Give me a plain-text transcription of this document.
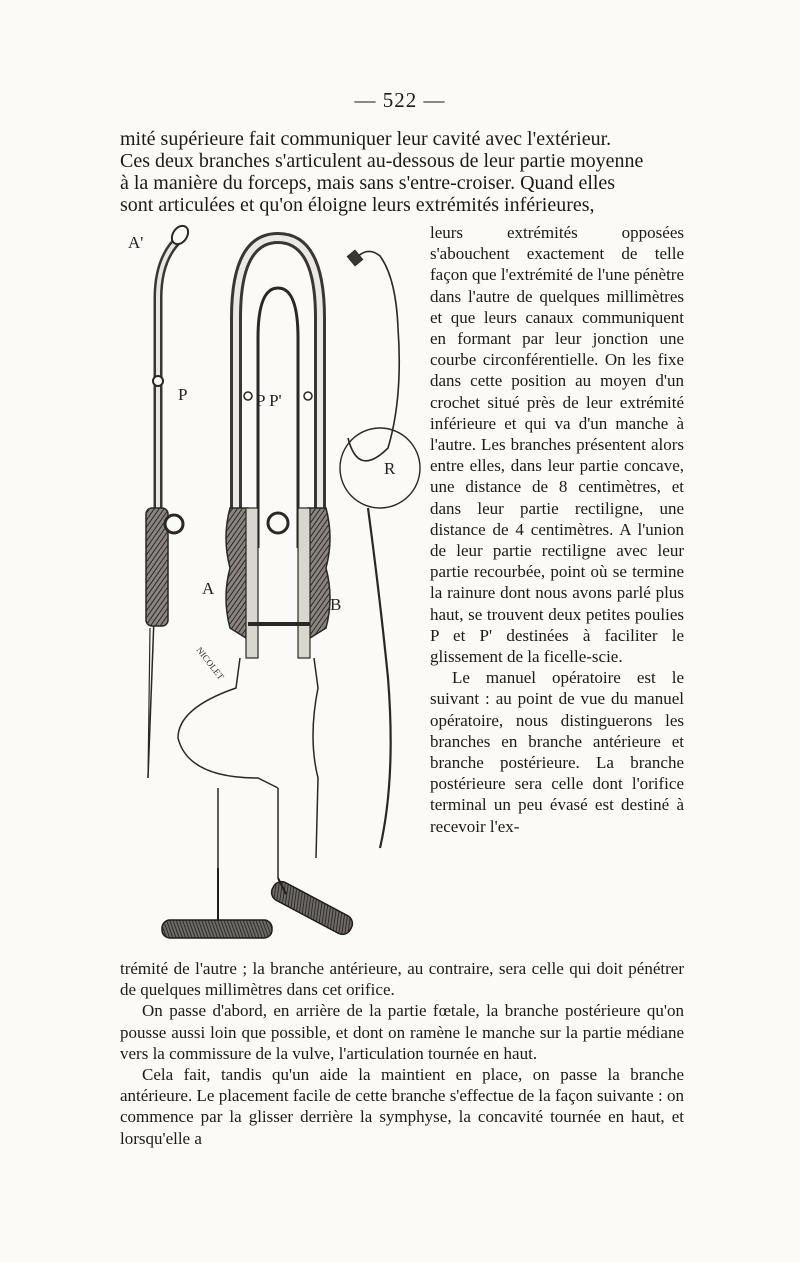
— 522 —
mité supérieure fait communiquer leur cavité avec l'extérieur.
Ces deux branches s'articulent au-dessous de leur partie moyenne
à la manière du forceps, mais sans s'entre-croiser. Quand elles
sont articulées et qu'on éloigne leurs extrémités inférieures,
A'
P	P P'
R
A
B
NICOLET

leurs extrémités opposées s'abouchent exactement de telle façon que l'extrémité de l'une pénètre dans l'autre de quelques millimètres et que leurs canaux communiquent en formant par leur jonction une courbe circonférentielle. On les fixe dans cette position au moyen d'un crochet situé près de leur extrémité inférieure et qui va d'un manche à l'autre. Les branches présentent alors entre elles, dans leur partie concave, une distance de 8 centimètres, et dans leur partie rectiligne, une distance de 4 centimètres. A l'union de leur partie rectiligne avec leur partie recourbée, point où se termine la rainure dont nous avons parlé plus haut, se trouvent deux petites poulies P et P' destinées à faciliter le glissement de la ficelle-scie.

Le manuel opératoire est le suivant : au point de vue du manuel opératoire, nous distinguerons les branches en branche antérieure et branche postérieure. La branche postérieure sera celle dont l'orifice terminal un peu évasé est destiné à recevoir l'ex-

trémité de l'autre ; la branche antérieure, au contraire, sera celle qui doit pénétrer de quelques millimètres dans cet orifice.

On passe d'abord, en arrière de la partie fœtale, la branche postérieure qu'on pousse aussi loin que possible, et dont on ramène le manche sur la partie médiane vers la commissure de la vulve, l'articulation tournée en haut.

Cela fait, tandis qu'un aide la maintient en place, on passe la branche antérieure. Le placement facile de cette branche s'effectue de la façon suivante : on commence par la glisser derrière la symphyse, la concavité tournée en haut, et lorsqu'elle a
